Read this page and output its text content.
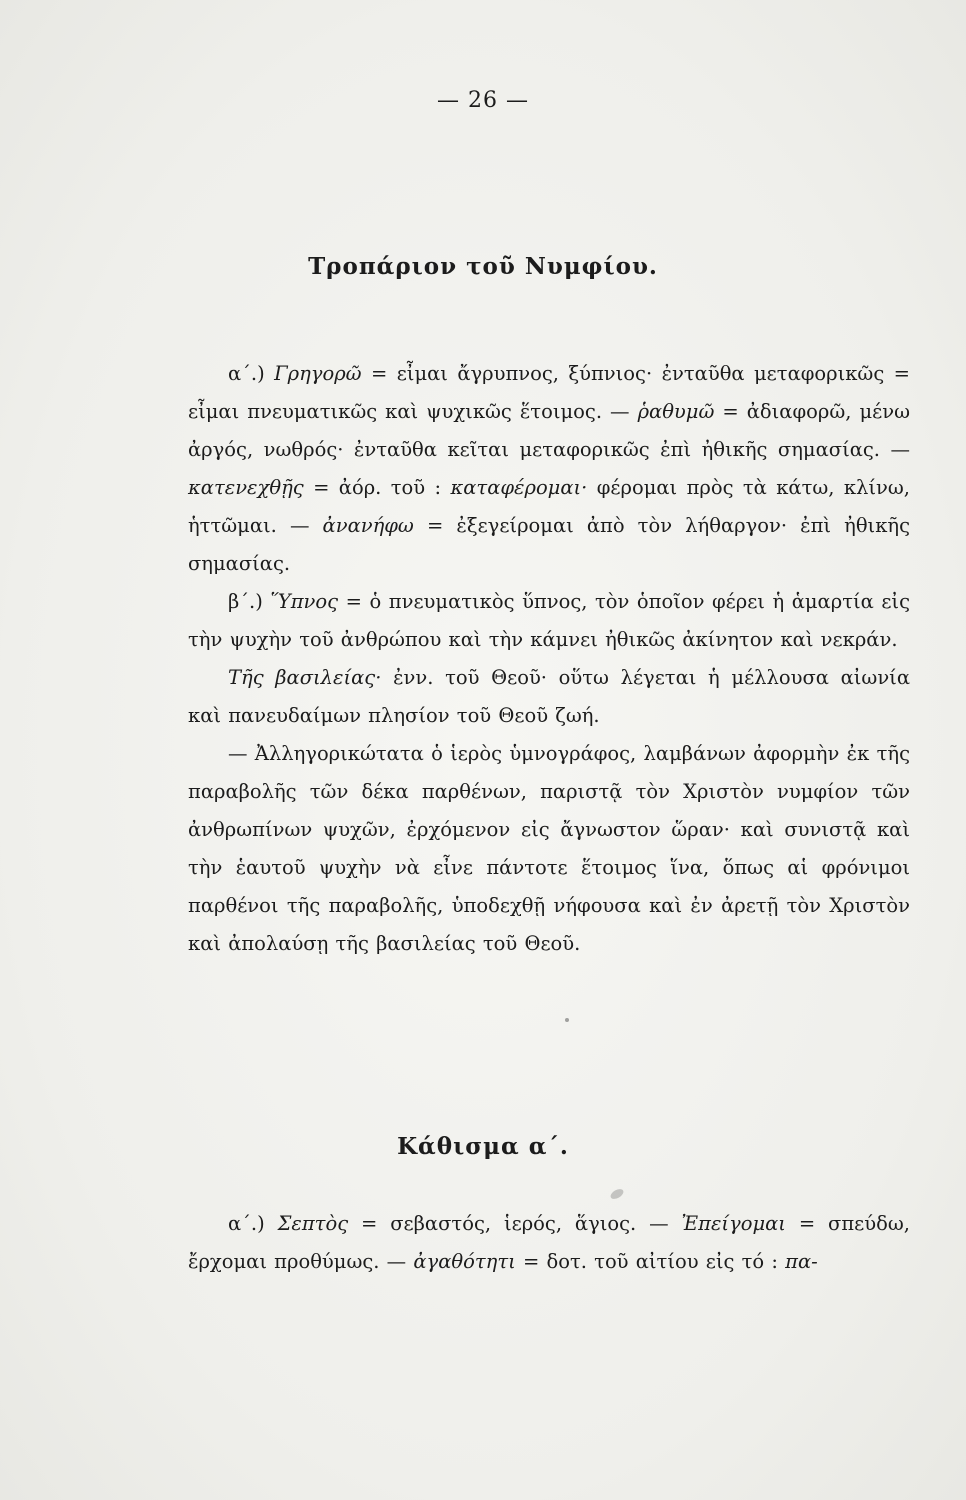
— 26 —
Τροπάριον τοῦ Νυμφίου.

α΄.) Γρηγορῶ = εἶμαι ἄγρυπνος, ξύπνιος· ἐνταῦθα μεταφορικῶς = εἶμαι πνευματικῶς καὶ ψυχικῶς ἕτοιμος. — ῥαθυμῶ = ἀδιαφορῶ, μένω ἀργός, νωθρός· ἐνταῦθα κεῖται μεταφορικῶς ἐπὶ ἠθικῆς σημασίας. — κατενεχθῇς = ἀόρ. τοῦ : καταφέρομαι· φέρομαι πρὸς τὰ κάτω, κλίνω, ἡττῶμαι. — ἀνανήφω = ἐξεγείρομαι ἀπὸ τὸν λήθαργον· ἐπὶ ἠθικῆς σημασίας.

β΄.) Ὕπνος = ὁ πνευματικὸς ὕπνος, τὸν ὁποῖον φέρει ἡ ἁμαρτία εἰς τὴν ψυχὴν τοῦ ἀνθρώπου καὶ τὴν κάμνει ἠθικῶς ἀκίνητον καὶ νεκράν.

Τῆς βασιλείας· ἐνν. τοῦ Θεοῦ· οὕτω λέγεται ἡ μέλλουσα αἰωνία καὶ πανευδαίμων πλησίον τοῦ Θεοῦ ζωή.

— Ἀλληγορικώτατα ὁ ἱερὸς ὑμνογράφος, λαμβάνων ἀφορμὴν ἐκ τῆς παραβολῆς τῶν δέκα παρθένων, παριστᾷ τὸν Χριστὸν νυμφίον τῶν ἀνθρωπίνων ψυχῶν, ἐρχόμενον εἰς ἄγνωστον ὥραν· καὶ συνιστᾷ καὶ τὴν ἑαυτοῦ ψυχὴν νὰ εἶνε πάντοτε ἕτοιμος ἵνα, ὅπως αἱ φρόνιμοι παρθένοι τῆς παραβολῆς, ὑποδεχθῇ νήφουσα καὶ ἐν ἀρετῇ τὸν Χριστὸν καὶ ἀπολαύσῃ τῆς βασιλείας τοῦ Θεοῦ.

Κάθισμα α΄.

α΄.) Σεπτὸς = σεβαστός, ἱερός, ἅγιος. — Ἐπείγομαι = σπεύδω, ἔρχομαι προθύμως. — ἀγαθότητι = δοτ. τοῦ αἰτίου εἰς τό : πα-
